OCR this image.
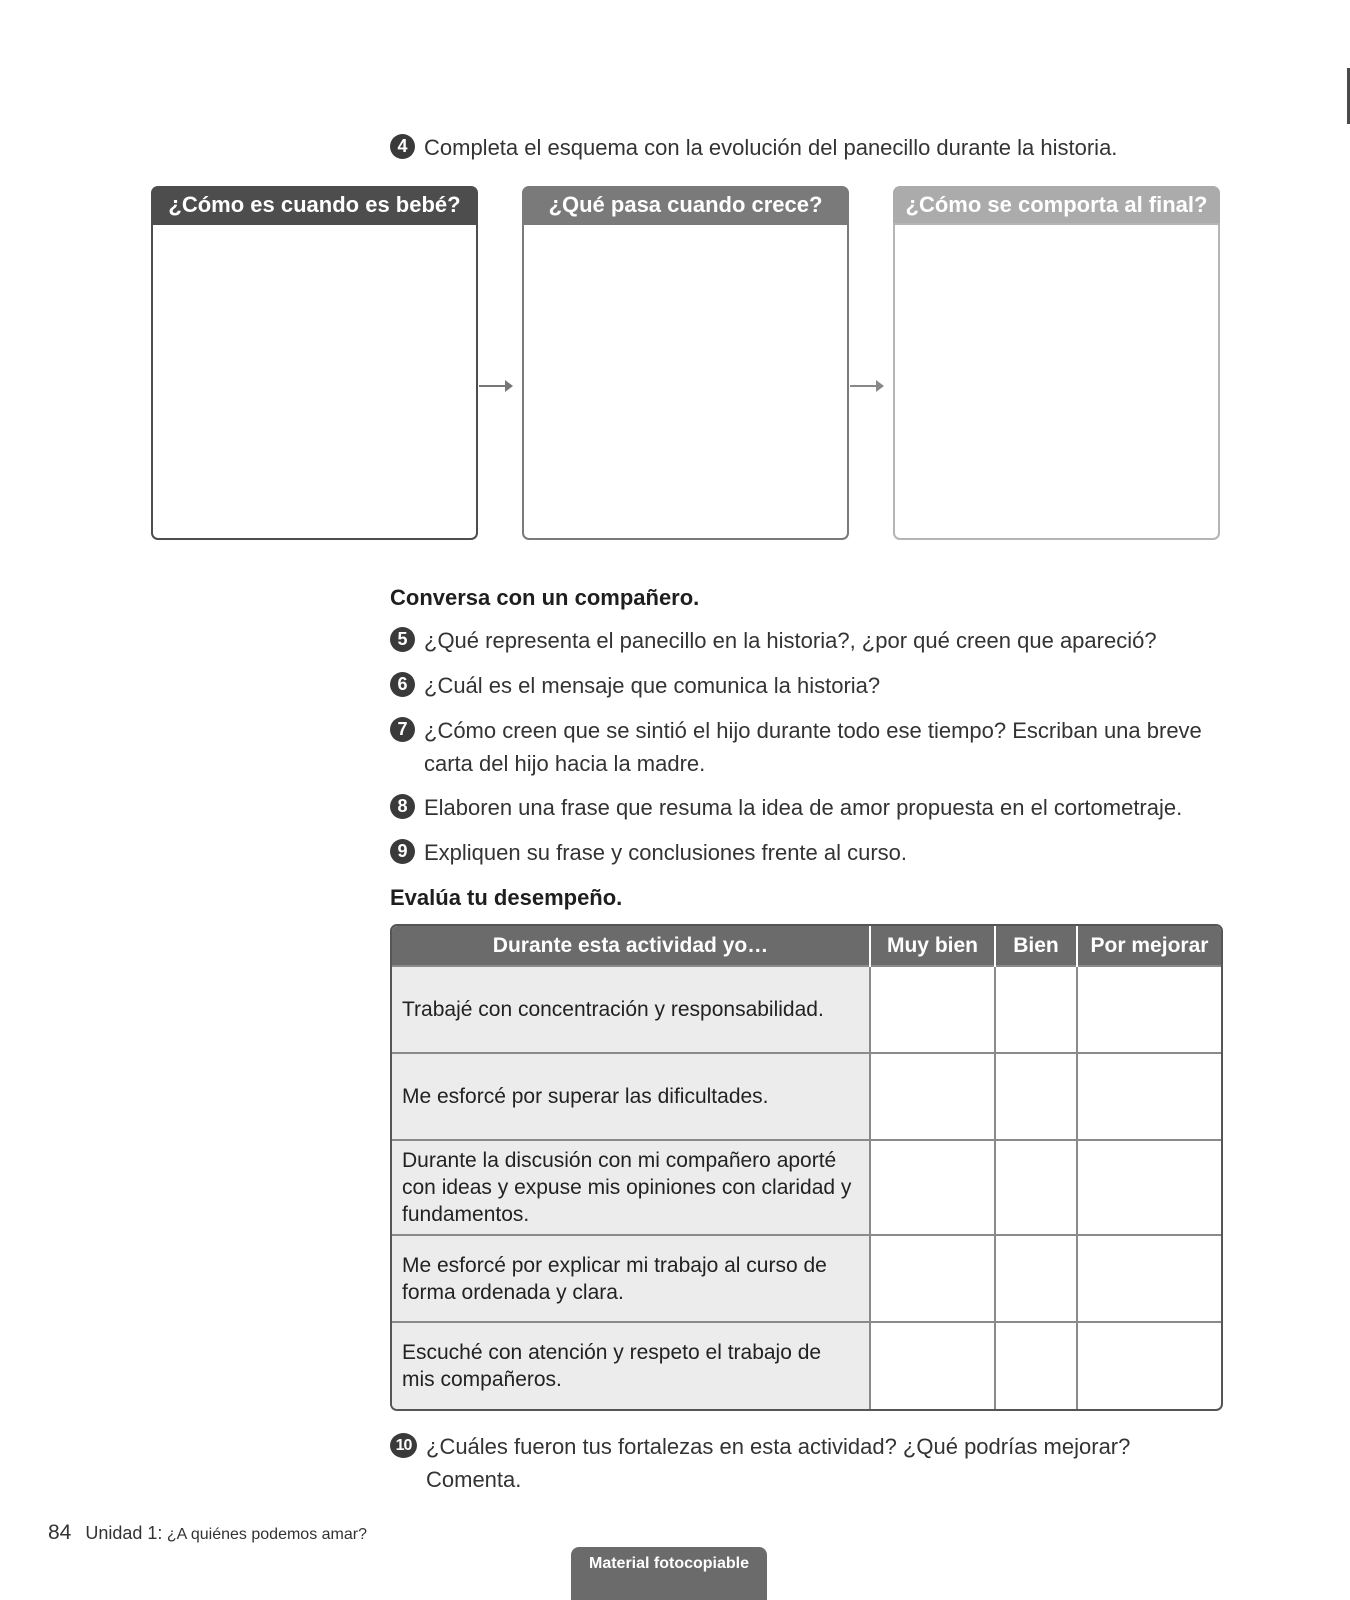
4 Completa el esquema con la evolución del panecillo durante la historia.
¿Cómo es cuando es bebé?	¿Qué pasa cuando crece?	¿Cómo se comporta al final?
Conversa con un compañero.
5 ¿Qué representa el panecillo en la historia?, ¿por qué creen que apareció?
6 ¿Cuál es el mensaje que comunica la historia?
7 ¿Cómo creen que se sintió el hijo durante todo ese tiempo? Escriban una breve carta del hijo hacia la madre.
8 Elaboren una frase que resuma la idea de amor propuesta en el cortometraje.
9 Expliquen su frase y conclusiones frente al curso.
Evalúa tu desempeño.
Durante esta actividad yo…	Muy bien	Bien	Por mejorar
Trabajé con concentración y responsabilidad.			
Me esforcé por superar las dificultades.			
Durante la discusión con mi compañero aporté con ideas y expuse mis opiniones con claridad y fundamentos.			
Me esforcé por explicar mi trabajo al curso de forma ordenada y clara.			
Escuché con atención y respeto el trabajo de mis compañeros.			
10 ¿Cuáles fueron tus fortalezas en esta actividad? ¿Qué podrías mejorar? Comenta.
84 Unidad 1: ¿A quiénes podemos amar?
Material fotocopiable
